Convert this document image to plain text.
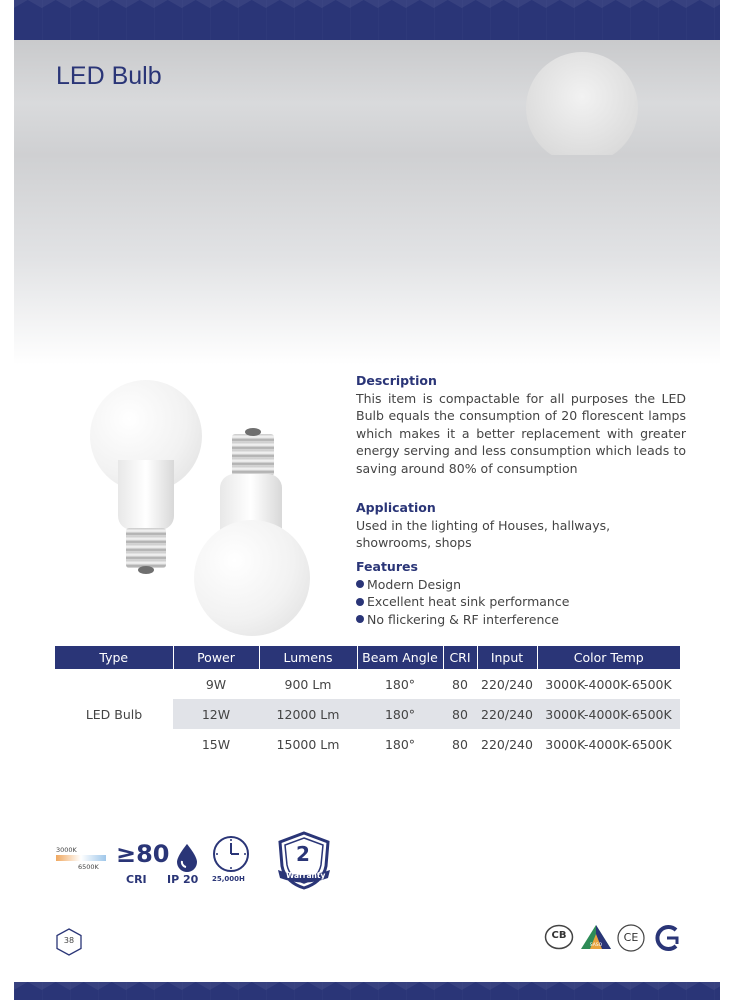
LED Bulb
Description

This item is compactable for all purposes the LED Bulb equals the consumption of 20 florescent lamps which makes it a better replacement with greater energy serving and less consumption which leads to saving around 80% of consumption

Application

Used in the lighting of Houses, hallways, showrooms, shops

Features
Modern Design
Excellent heat sink performance
No flickering & RF interference
Type	Power	Lumens	Beam Angle	CRI	Input	Color Temp
LED Bulb	9W	900 Lm	180°	80	220/240	3000K-4000K-6500K
	12W	12000 Lm	180°	80	220/240	3000K-4000K-6500K
	15W	15000 Lm	180°	80	220/240	3000K-4000K-6500K
3000K
6500K ≥80
CRI IP 20 25,000H
2
Warranty
38	CB
SASO
CE
